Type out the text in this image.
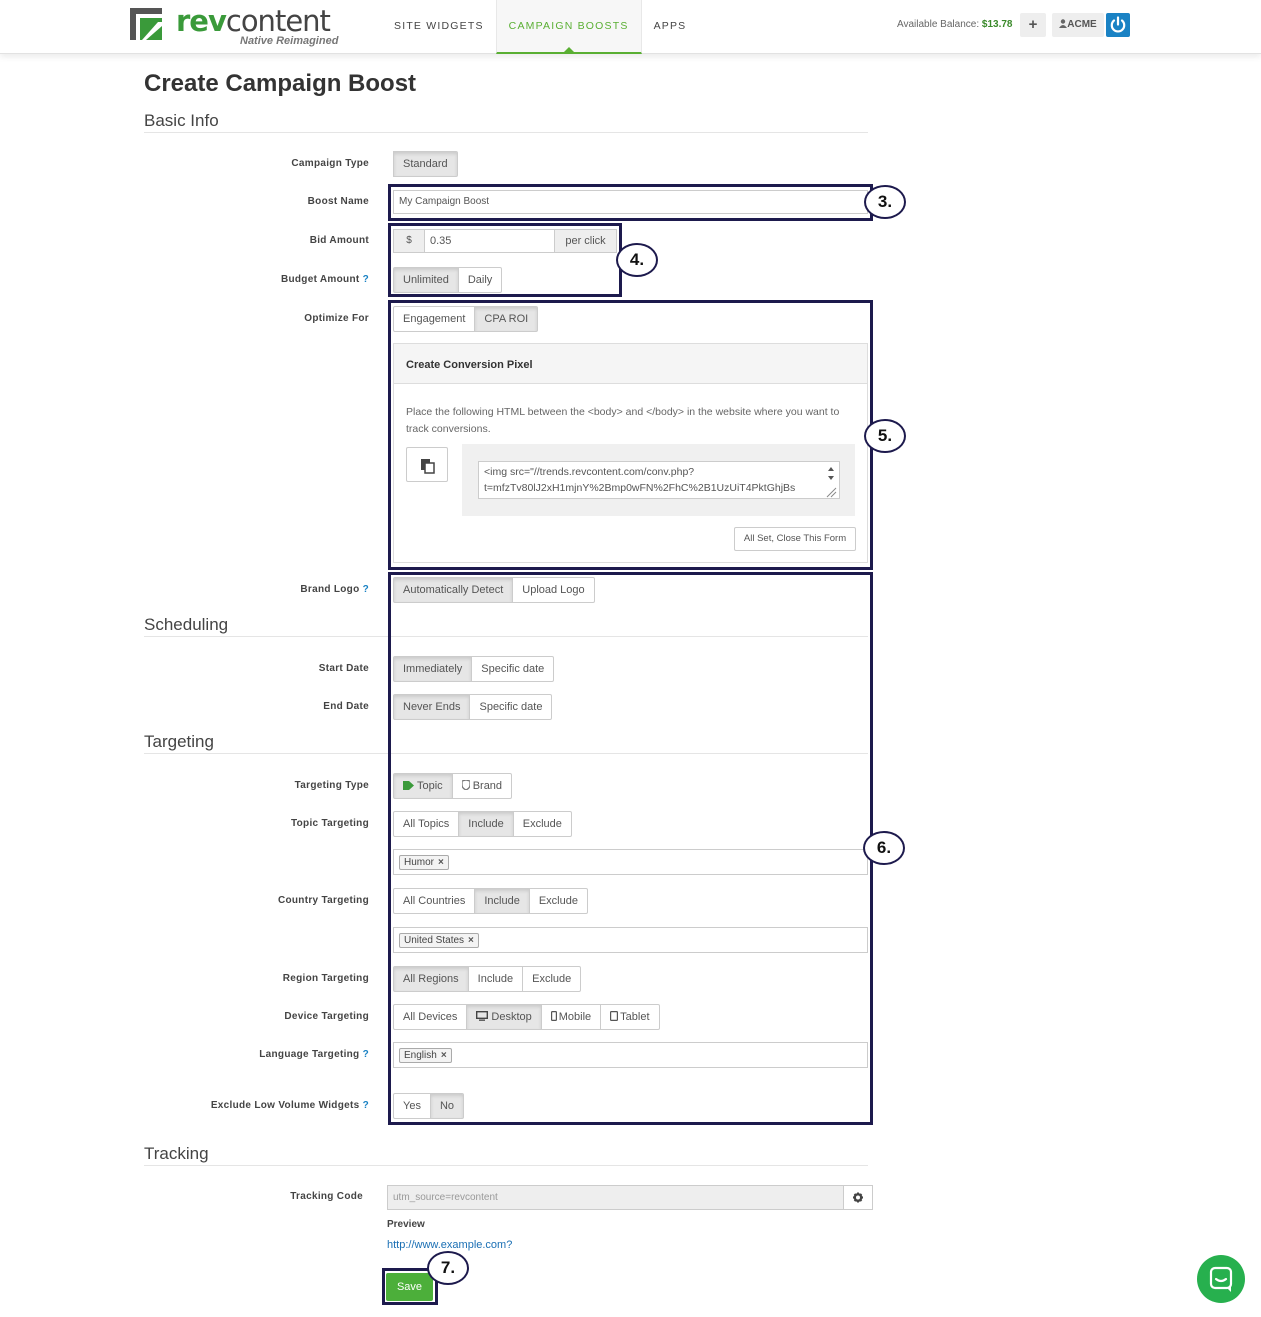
revcontent
Native Reimagined
SITE WIDGETS	CAMPAIGN BOOSTS	APPS	Available Balance: $13.78	+	ACME
Create Campaign Boost
Basic Info
Campaign Type	Standard
Boost Name	My Campaign Boost
Bid Amount	$	0.35	per click
Budget Amount ?	Unlimited	Daily
Optimize For	Engagement	CPA ROI
Create Conversion Pixel
Place the following HTML between the <body> and </body> in the website where you want to track conversions.
<img src="//trends.revcontent.com/conv.php?
t=mfzTv80lJ2xH1mjnY%2Bmp0wFN%2FhC%2B1UzUiT4PktGhjBs
All Set, Close This Form
Brand Logo ?	Automatically Detect	Upload Logo
Scheduling
Start Date	Immediately	Specific date
End Date	Never Ends	Specific date
Targeting
Targeting Type	Topic	Brand
Topic Targeting	All Topics	Include	Exclude
Humor ×
Country Targeting	All Countries	Include	Exclude
United States ×
Region Targeting	All Regions	Include	Exclude
Device Targeting	All Devices	Desktop	Mobile	Tablet
Language Targeting ?	English ×
Exclude Low Volume Widgets ?	Yes	No
Tracking
Tracking Code	utm_source=revcontent
Preview
http://www.example.com?
Save
3.
4.
5.
6.
7.
